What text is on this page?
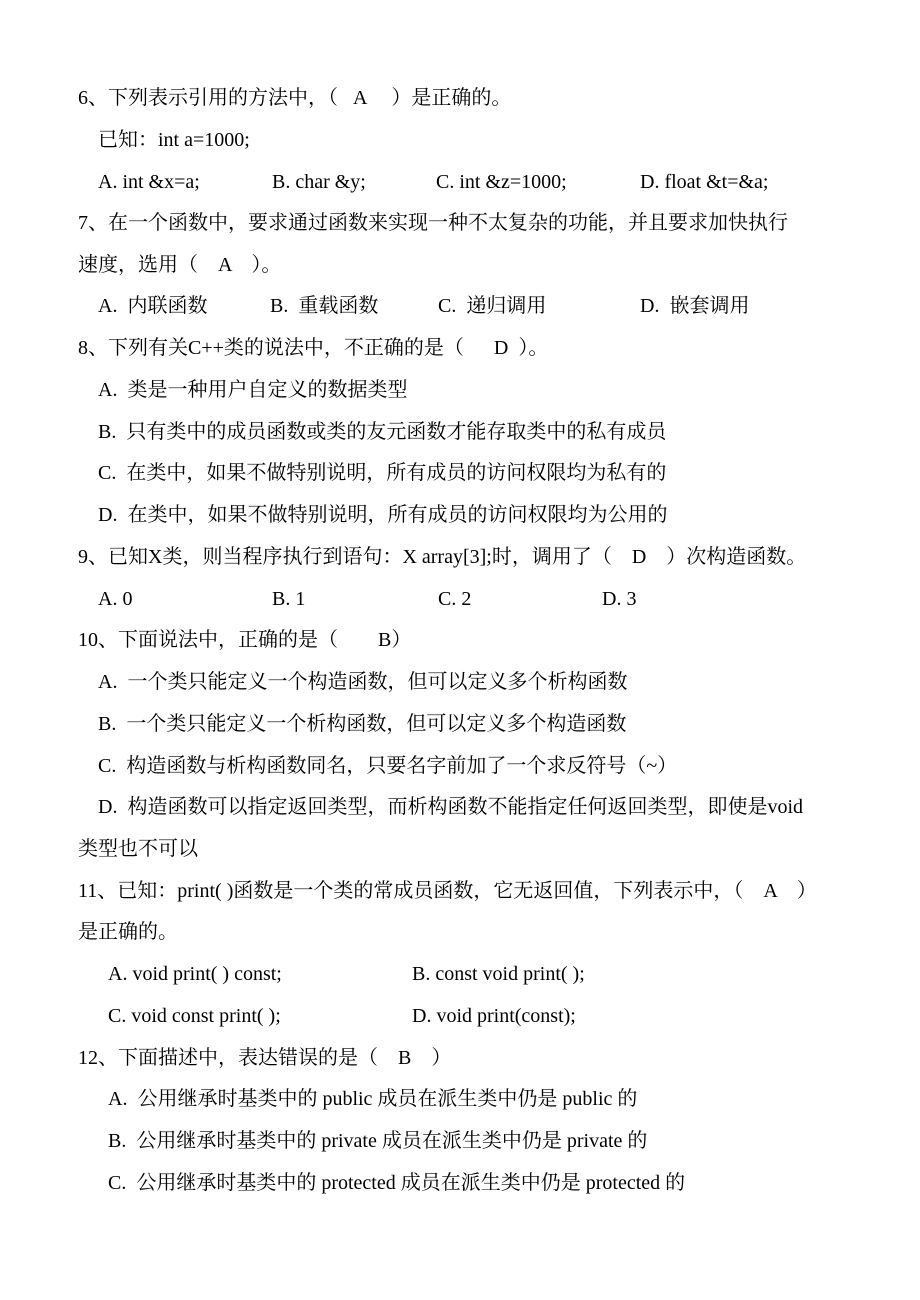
6、下列表示引用的方法中，（   A     ）是正确的。
已知：int a=1000;
A. int &x=a;	B. char &y;	C. int &z=1000;	D. float &t=&a;
7、在一个函数中，要求通过函数来实现一种不太复杂的功能，并且要求加快执行
速度，选用（    A    ）。
A.  内联函数	B.  重载函数	C.  递归调用	D.  嵌套调用
8、下列有关C++类的说法中，不正确的是（      D  ）。
A.  类是一种用户自定义的数据类型
B.  只有类中的成员函数或类的友元函数才能存取类中的私有成员
C.  在类中，如果不做特别说明，所有成员的访问权限均为私有的
D.  在类中，如果不做特别说明，所有成员的访问权限均为公用的
9、已知X类，则当程序执行到语句：X array[3];时，调用了（    D    ）次构造函数。
A. 0	B. 1	C. 2	D. 3
10、下面说法中，正确的是（        B）
A.  一个类只能定义一个构造函数，但可以定义多个析构函数
B.  一个类只能定义一个析构函数，但可以定义多个构造函数
C.  构造函数与析构函数同名，只要名字前加了一个求反符号（~）
D.  构造函数可以指定返回类型，而析构函数不能指定任何返回类型，即使是void
类型也不可以
11、已知：print( )函数是一个类的常成员函数，它无返回值，下列表示中，（    A    ）
是正确的。
A. void print( ) const;	B. const void print( );
C. void const print( );	D. void print(const);
12、下面描述中，表达错误的是（    B    ）
A.  公用继承时基类中的 public 成员在派生类中仍是 public 的
B.  公用继承时基类中的 private 成员在派生类中仍是 private 的
C.  公用继承时基类中的 protected 成员在派生类中仍是 protected 的
